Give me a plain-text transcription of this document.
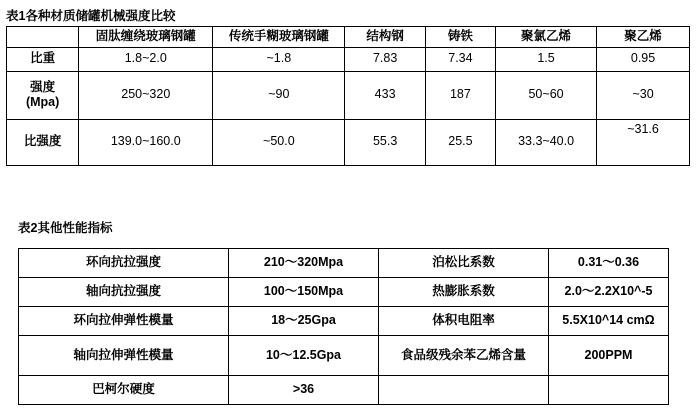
表1各种材质储罐机械强度比较
	固肽缠绕玻璃钢罐	传统手糊玻璃钢罐	结构钢	铸铁	聚氯乙烯	聚乙烯
比重	1.8~2.0	~1.8	7.83	7.34	1.5	0.95

强度
(Mpa)	250~320	~90	433	187	50~60	~30
比强度	139.0~160.0	~50.0	55.3	25.5	33.3~40.0	~31.6
表2其他性能指标
环向抗拉强度	210～320Mpa	泊松比系数	0.31～0.36
轴向抗拉强度	100～150Mpa	热膨胀系数	2.0～2.2X10^-5
环向拉伸弹性模量	18～25Gpa	体积电阻率	5.5X10^14 cmΩ
轴向拉伸弹性模量	10～12.5Gpa	食品级残余苯乙烯含量	200PPM
巴柯尔硬度	>36		
